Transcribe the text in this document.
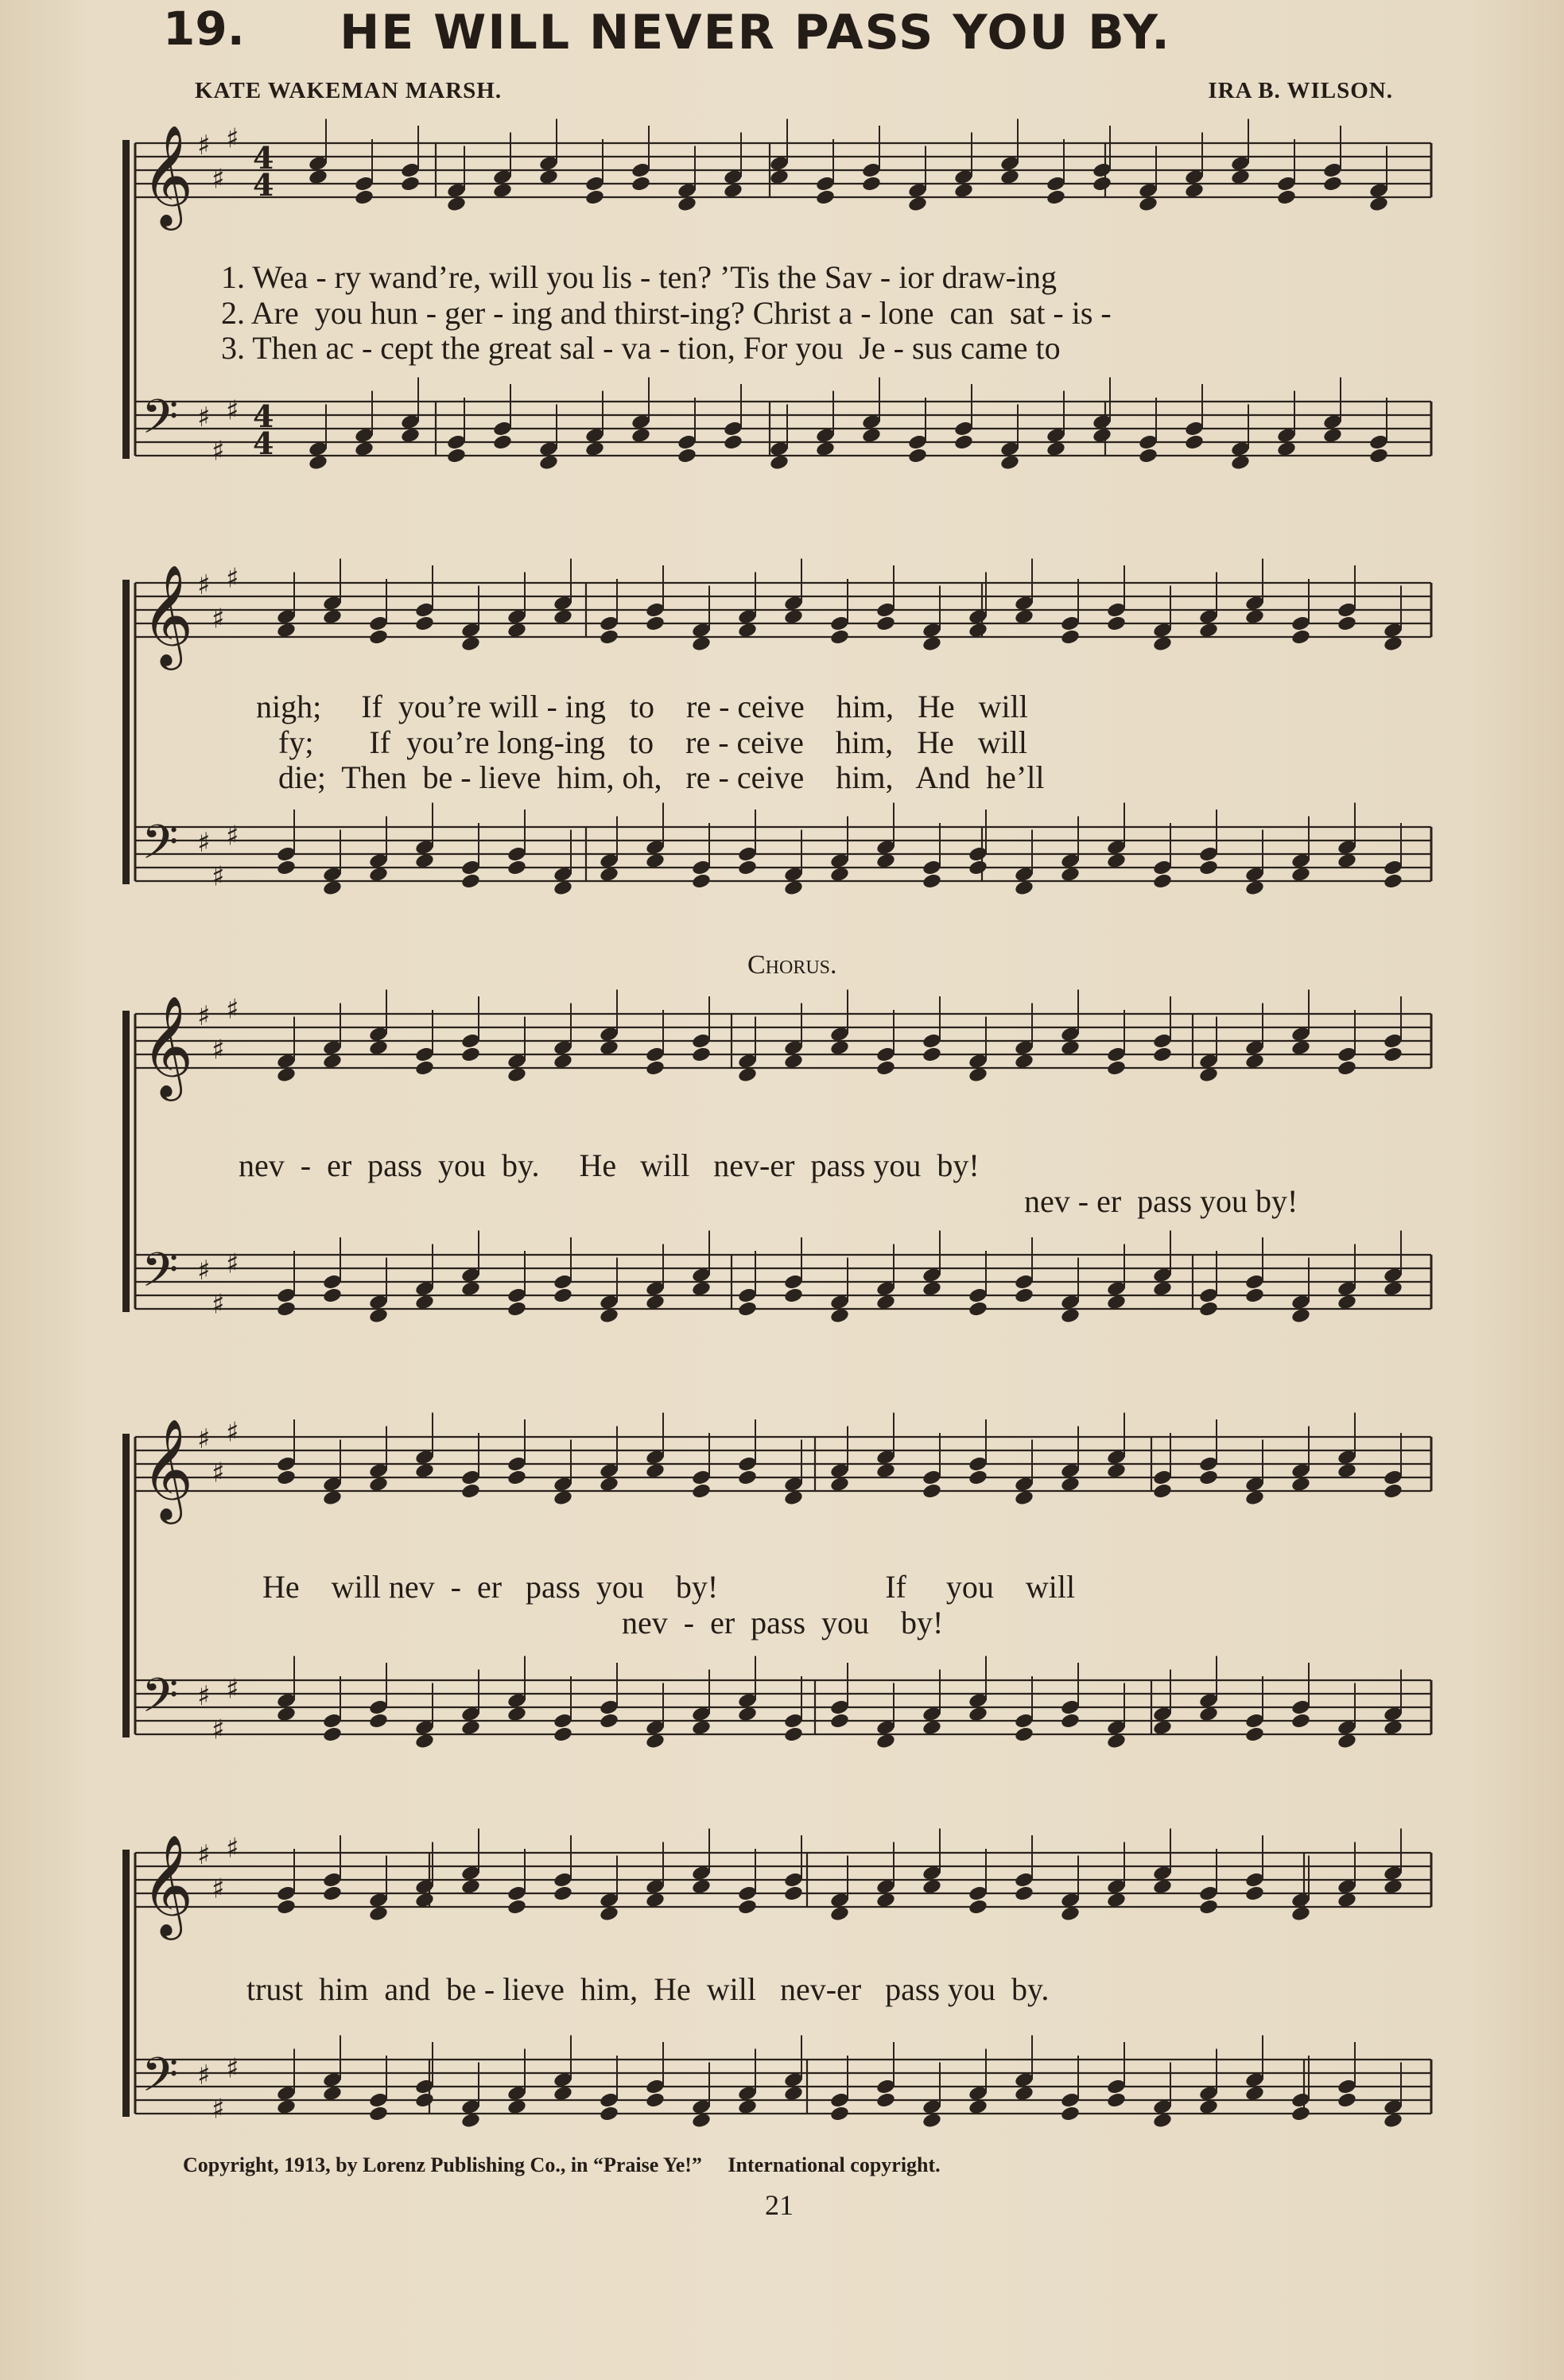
19.	HE WILL NEVER PASS YOU BY.
KATE WAKEMAN MARSH.	IRA B. WILSON.
𝄞 ♯
♯
♯
𝄢 ♯
♯
♯
𝄞 ♯
♯
♯
𝄢 ♯
♯
♯
𝄞 ♯
♯
♯
𝄢 ♯
♯
♯
𝄞 ♯
♯
♯
𝄢 ♯
♯
♯
𝄞 ♯
♯
♯
𝄢 ♯
♯
♯
4
4
4
4
1. Wea - ry wand’re, will you lis - ten? ’Tis the Sav - ior draw-ing
2. Are  you hun - ger - ing and thirst-ing? Christ a - lone  can  sat - is -
3. Then ac - cept the great sal - va - tion, For you  Je - sus came to
nigh;     If  you’re will - ing   to    re - ceive    him,   He   will
fy;       If  you’re long-ing   to    re - ceive    him,   He   will
die;  Then  be - lieve  him, oh,   re - ceive    him,   And  he’ll
Chorus.
nev  -  er  pass  you  by.     He   will   nev-er  pass you  by!
nev - er  pass you by!
He    will nev  -  er   pass  you    by!                     If     you    will
nev  -  er  pass  you    by!
trust  him  and  be - lieve  him,  He  will   nev-er   pass you  by.
Copyright, 1913, by Lorenz Publishing Co., in “Praise Ye!”     International copyright.
21
